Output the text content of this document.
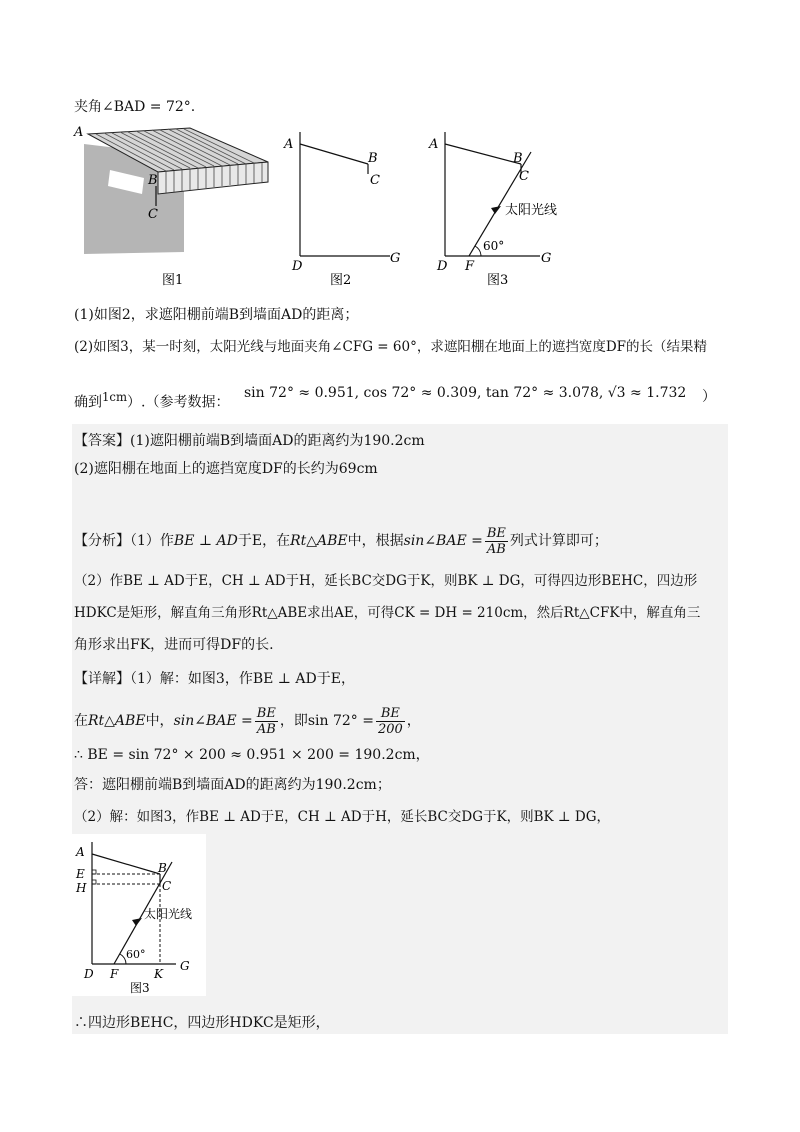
夹角∠BAD = 72°.
A
B
C
图1
A
B
C
D
G
图2
A
B
C
D F
G
太阳光线
60°
图3
(1)如图2，求遮阳棚前端B到墙面AD的距离；
(2)如图3，某一时刻，太阳光线与地面夹角∠CFG = 60°，求遮阳棚在地面上的遮挡宽度DF的长（结果精
确到$^{1cm}$）.（参考数据：
sin 72° ≈ 0.951, cos 72° ≈ 0.309, tan 72° ≈ 3.078, √3 ≈ 1.732 ）
【答案】(1)遮阳棚前端B到墙面AD的距离约为190.2cm
(2)遮阳棚在地面上的遮挡宽度DF的长约为69cm
【分析】（1）作BE ⊥ AD于E，在Rt△ABE中，根据sin∠BAE = $\frac{BE}{AB}$ 列式计算即可；
（2）作BE ⊥ AD于E，CH ⊥ AD于H，延长BC交DG于K，则BK ⊥ DG，可得四边形BEHC，四边形
HDKC是矩形，解直角三角形Rt△ABE求出AE，可得CK = DH = 210cm，然后Rt△CFK中，解直角三
角形求出FK，进而可得DF的长.
【详解】（1）解：如图3，作BE ⊥ AD于E，
在Rt△ABE中，sin∠BAE = $\frac{BE}{AB}$ ，即$\sin 72^\circ = \frac{BE}{200}$ ，
∴ BE = sin 72° × 200 ≈ 0.951 × 200 = 190.2cm，
答：遮阳棚前端B到墙面AD的距离约为190.2cm；
（2）解：如图3，作BE ⊥ AD于E，CH ⊥ AD于H，延长BC交DG于K，则BK ⊥ DG，
A
B
C
D
E
F
G
H
K
太阳光线
60°
图3
∴四边形BEHC，四边形HDKC是矩形，
